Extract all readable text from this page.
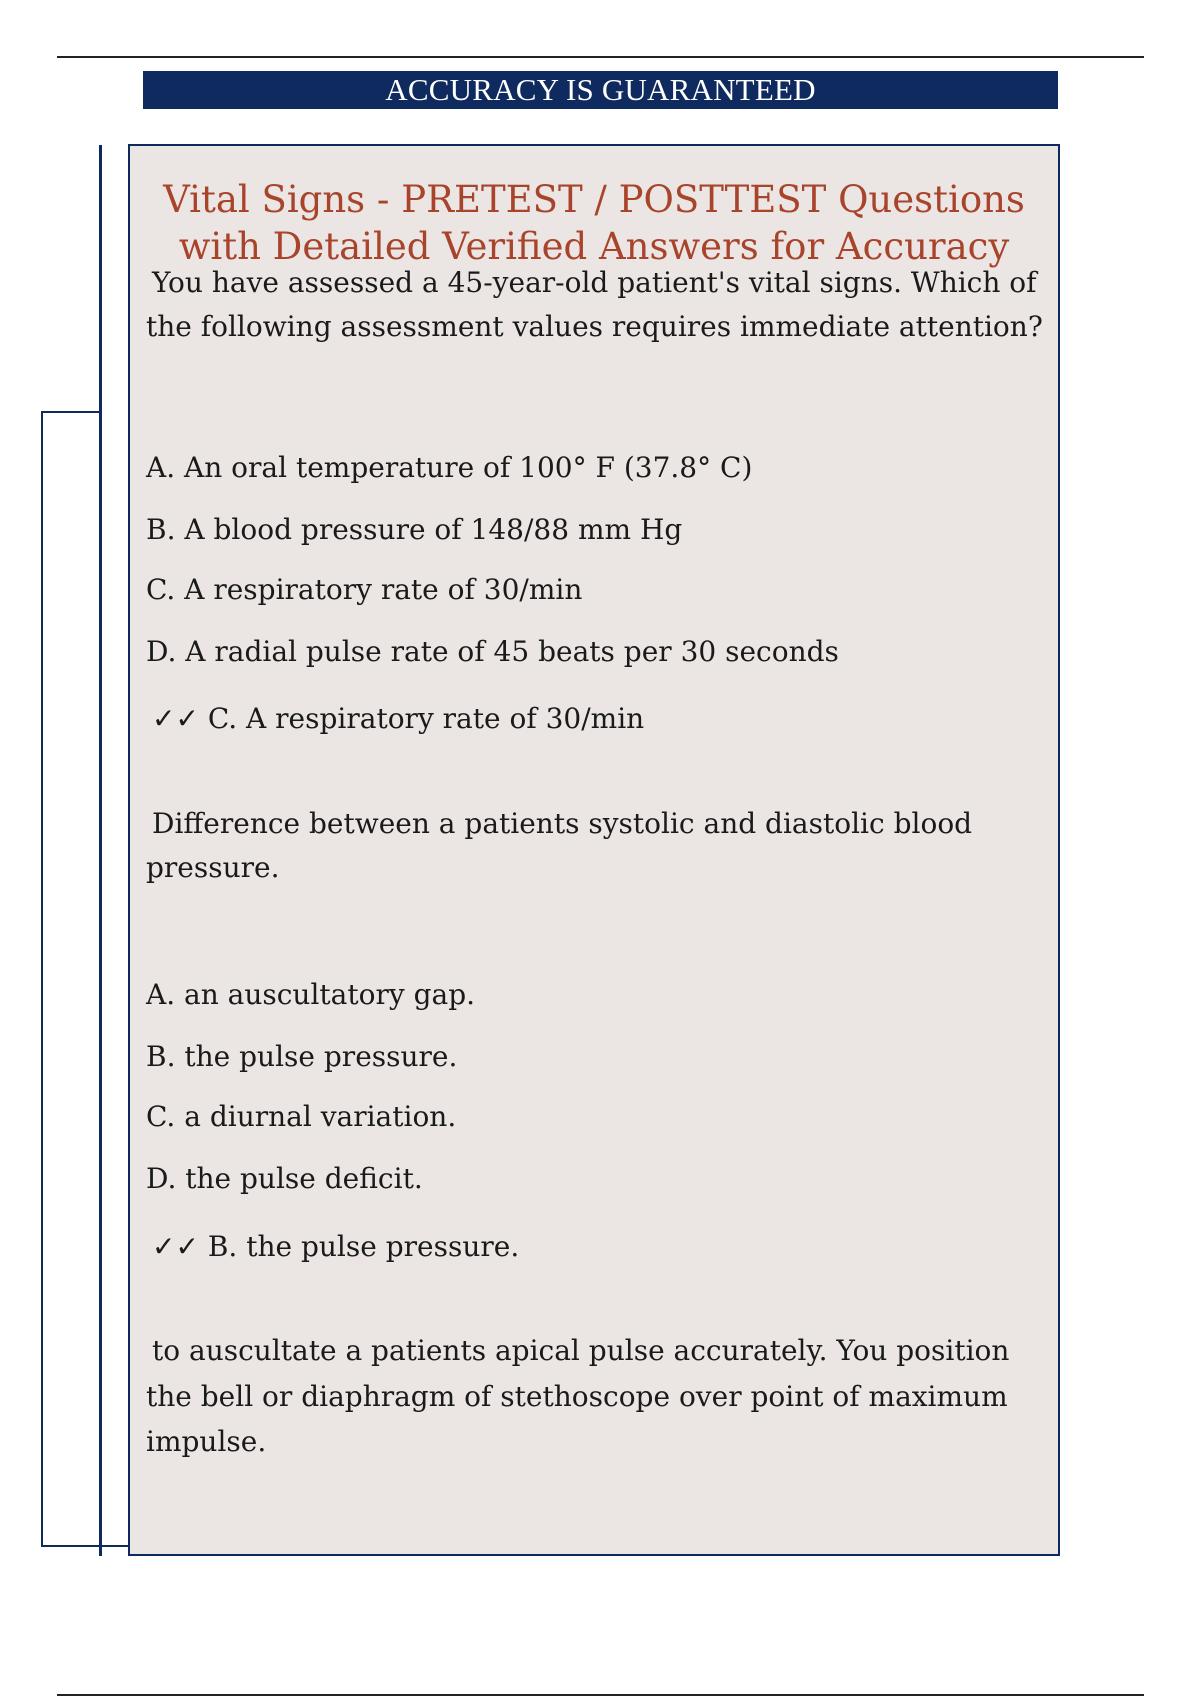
ACCURACY IS GUARANTEED
Vital Signs - PRETEST / POSTTEST Questions
with Detailed Verified Answers for Accuracy

You have assessed a 45-year-old patient's vital signs. Which of

the following assessment values requires immediate attention?

A. An oral temperature of 100° F (37.8° C)

B. A blood pressure of 148/88 mm Hg

C. A respiratory rate of 30/min

D. A radial pulse rate of 45 beats per 30 seconds

✓✓ C. A respiratory rate of 30/min

Difference between a patients systolic and diastolic blood

pressure.

A. an auscultatory gap.

B. the pulse pressure.

C. a diurnal variation.

D. the pulse deficit.

✓✓ B. the pulse pressure.

to auscultate a patients apical pulse accurately. You position

the bell or diaphragm of stethoscope over point of maximum

impulse.
